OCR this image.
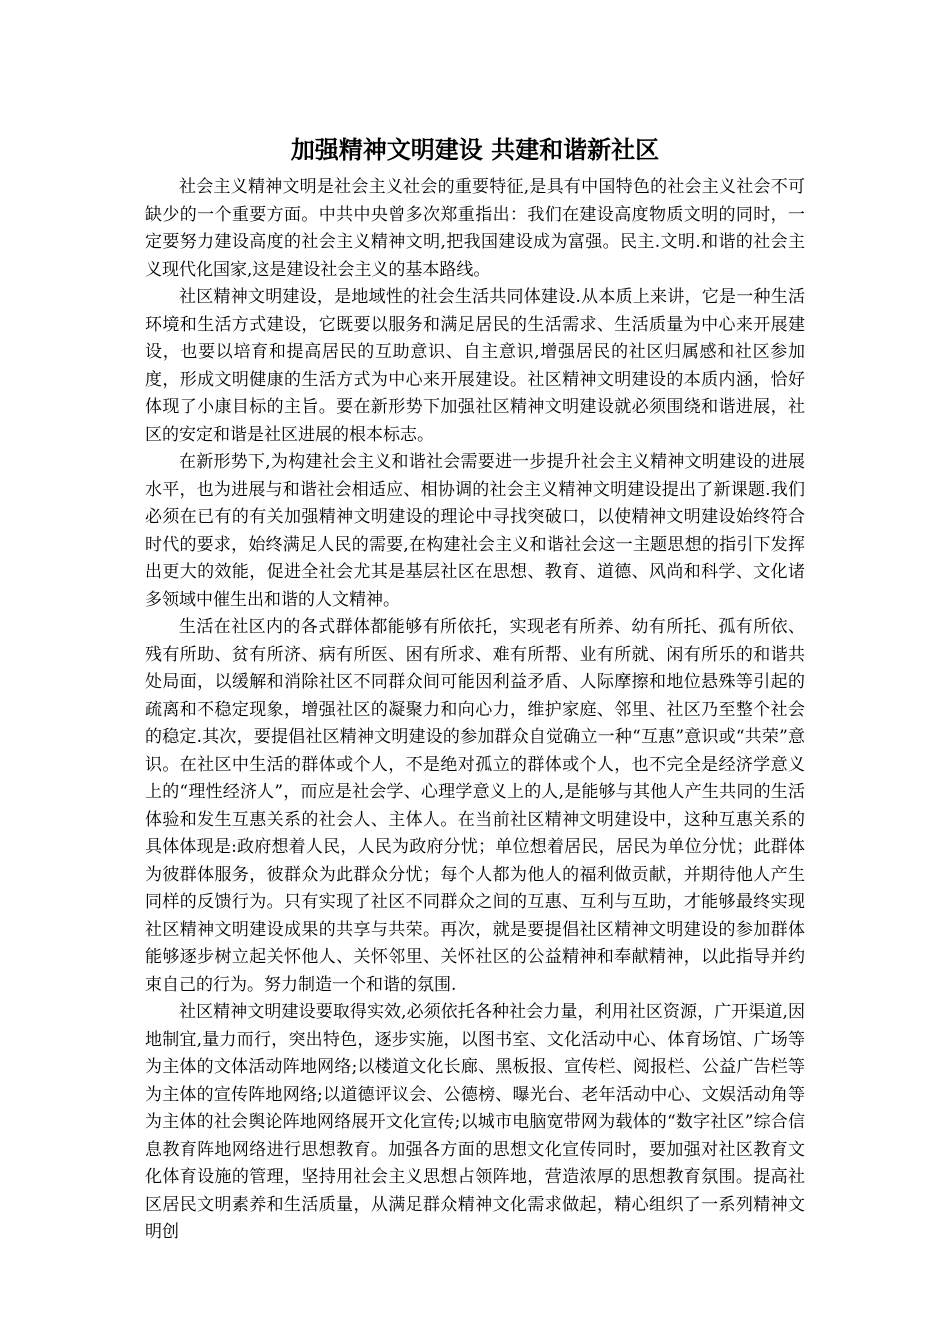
加强精神文明建设 共建和谐新社区

社会主义精神文明是社会主义社会的重要特征,是具有中国特色的社会主义社会不可缺少的一个重要方面。中共中央曾多次郑重指出：我们在建设高度物质文明的同时，一定要努力建设高度的社会主义精神文明,把我国建设成为富强。民主.文明.和谐的社会主义现代化国家,这是建设社会主义的基本路线。

社区精神文明建设，是地域性的社会生活共同体建设.从本质上来讲，它是一种生活环境和生活方式建设，它既要以服务和满足居民的生活需求、生活质量为中心来开展建设，也要以培育和提高居民的互助意识、自主意识,增强居民的社区归属感和社区参加度，形成文明健康的生活方式为中心来开展建设。社区精神文明建设的本质内涵，恰好体现了小康目标的主旨。要在新形势下加强社区精神文明建设就必须围绕和谐进展，社区的安定和谐是社区进展的根本标志。

在新形势下,为构建社会主义和谐社会需要进一步提升社会主义精神文明建设的进展水平，也为进展与和谐社会相适应、相协调的社会主义精神文明建设提出了新课题.我们必须在已有的有关加强精神文明建设的理论中寻找突破口，以使精神文明建设始终符合时代的要求，始终满足人民的需要,在构建社会主义和谐社会这一主题思想的指引下发挥出更大的效能，促进全社会尤其是基层社区在思想、教育、道德、风尚和科学、文化诸多领域中催生出和谐的人文精神。

生活在社区内的各式群体都能够有所依托，实现老有所养、幼有所托、孤有所依、残有所助、贫有所济、病有所医、困有所求、难有所帮、业有所就、闲有所乐的和谐共处局面，以缓解和消除社区不同群众间可能因利益矛盾、人际摩擦和地位悬殊等引起的疏离和不稳定现象，增强社区的凝聚力和向心力，维护家庭、邻里、社区乃至整个社会的稳定.其次，要提倡社区精神文明建设的参加群众自觉确立一种“互惠”意识或“共荣”意识。在社区中生活的群体或个人，不是绝对孤立的群体或个人，也不完全是经济学意义上的“理性经济人”，而应是社会学、心理学意义上的人,是能够与其他人产生共同的生活体验和发生互惠关系的社会人、主体人。在当前社区精神文明建设中，这种互惠关系的具体体现是:政府想着人民，人民为政府分忧；单位想着居民，居民为单位分忧；此群体为彼群体服务，彼群众为此群众分忧；每个人都为他人的福利做贡献，并期待他人产生同样的反馈行为。只有实现了社区不同群众之间的互惠、互利与互助，才能够最终实现社区精神文明建设成果的共享与共荣。再次，就是要提倡社区精神文明建设的参加群体能够逐步树立起关怀他人、关怀邻里、关怀社区的公益精神和奉献精神，以此指导并约束自己的行为。努力制造一个和谐的氛围.

社区精神文明建设要取得实效,必须依托各种社会力量，利用社区资源，广开渠道,因地制宜,量力而行，突出特色，逐步实施，以图书室、文化活动中心、体育场馆、广场等为主体的文体活动阵地网络;以楼道文化长廊、黑板报、宣传栏、阅报栏、公益广告栏等为主体的宣传阵地网络;以道德评议会、公德榜、曝光台、老年活动中心、文娱活动角等为主体的社会舆论阵地网络展开文化宣传;以城市电脑宽带网为载体的“数字社区”综合信息教育阵地网络进行思想教育。加强各方面的思想文化宣传同时，要加强对社区教育文化体育设施的管理，坚持用社会主义思想占领阵地，营造浓厚的思想教育氛围。提高社区居民文明素养和生活质量，从满足群众精神文化需求做起，精心组织了一系列精神文明创
